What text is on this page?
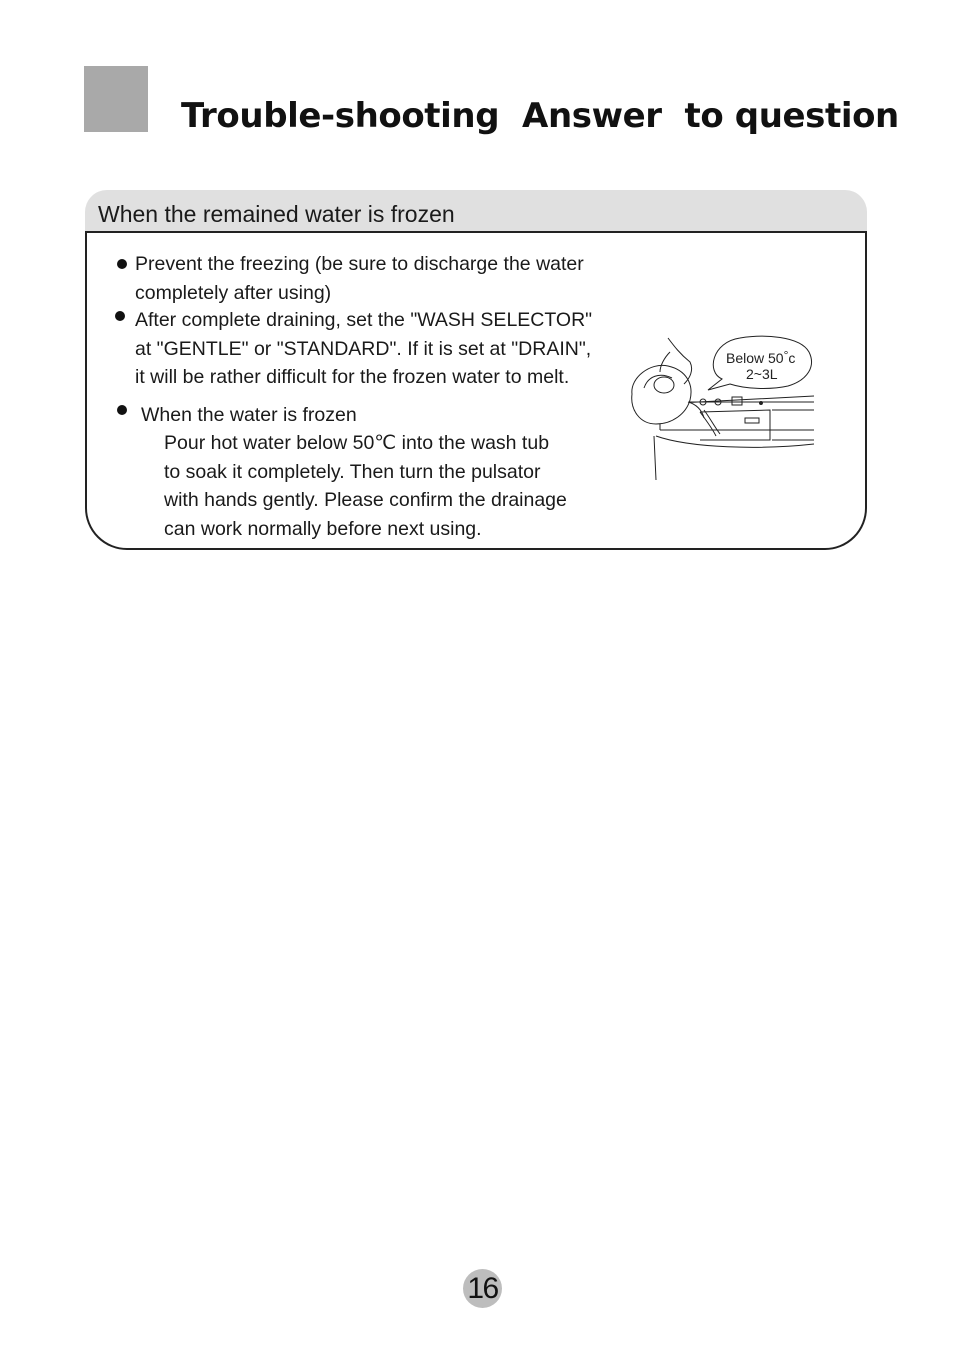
Trouble-shooting  Answer  to question
When the remained water is frozen
Prevent the freezing (be sure to discharge the water
completely after using)
After complete draining, set the "WASH SELECTOR"
at "GENTLE" or "STANDARD". If it is set at "DRAIN",
it will be rather difficult for the frozen water to melt.
When the water is frozen
Pour hot water below 50℃ into the wash tub
to soak it completely. Then turn the pulsator
with hands gently. Please confirm the drainage
can work normally before next using.
Below 50°c
2~3L
16
